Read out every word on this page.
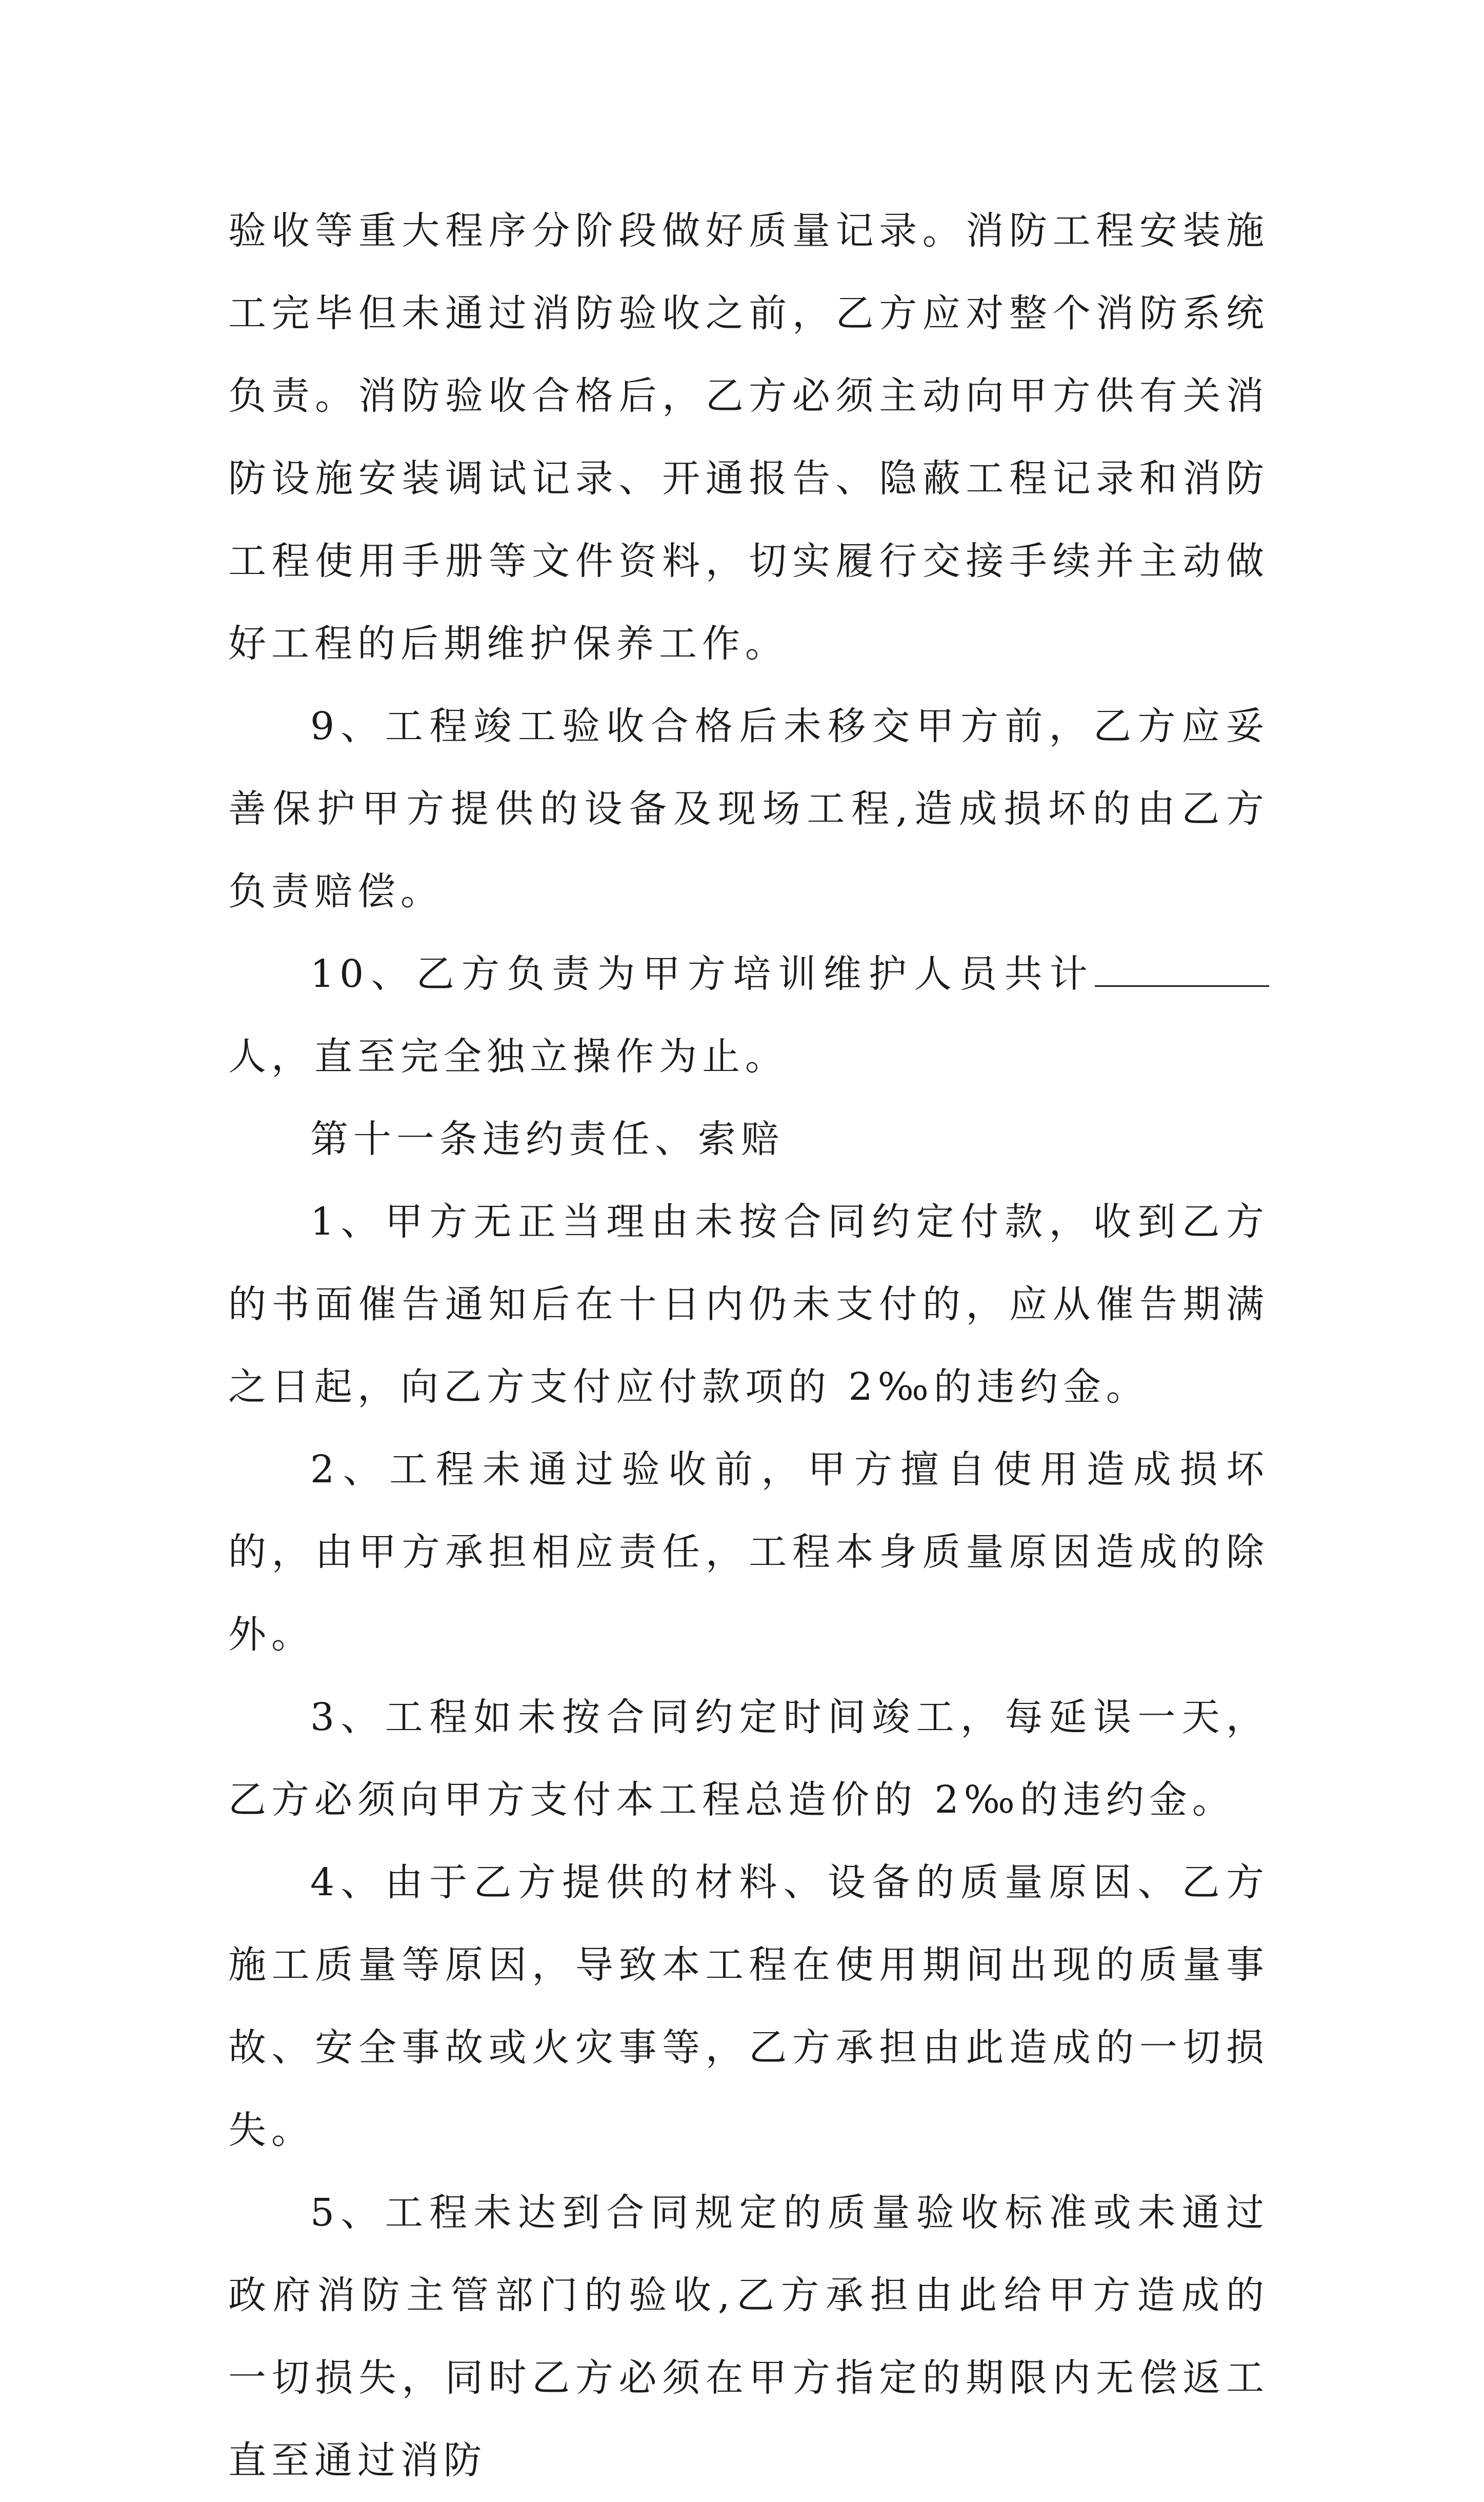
验收等重大程序分阶段做好质量记录。消防工程安装施工完毕但未通过消防验收之前，乙方应对整个消防系统负责。消防验收合格后，乙方必须主动向甲方供有关消防设施安装调试记录、开通报告、隐蔽工程记录和消防工程使用手册等文件资料，切实履行交接手续并主动做好工程的后期维护保养工作。

9、工程竣工验收合格后未移交甲方前，乙方应妥善保护甲方提供的设备及现场工程,造成损坏的由乙方负责赔偿。

10、乙方负责为甲方培训维护人员共计人，直至完全独立操作为止。

第十一条违约责任、索赔

1、甲方无正当理由未按合同约定付款，收到乙方的书面催告通知后在十日内仍未支付的，应从催告期满之日起，向乙方支付应付款项的 2‰的违约金。

2、工程未通过验收前，甲方擅自使用造成损坏的，由甲方承担相应责任，工程本身质量原因造成的除外。

3、工程如未按合同约定时间竣工，每延误一天，乙方必须向甲方支付本工程总造价的 2‰的违约金。

4、由于乙方提供的材料、设备的质量原因、乙方施工质量等原因，导致本工程在使用期间出现的质量事故、安全事故或火灾事等，乙方承担由此造成的一切损失。

5、工程未达到合同规定的质量验收标准或未通过政府消防主管部门的验收,乙方承担由此给甲方造成的一切损失，同时乙方必须在甲方指定的期限内无偿返工直至通过消防
